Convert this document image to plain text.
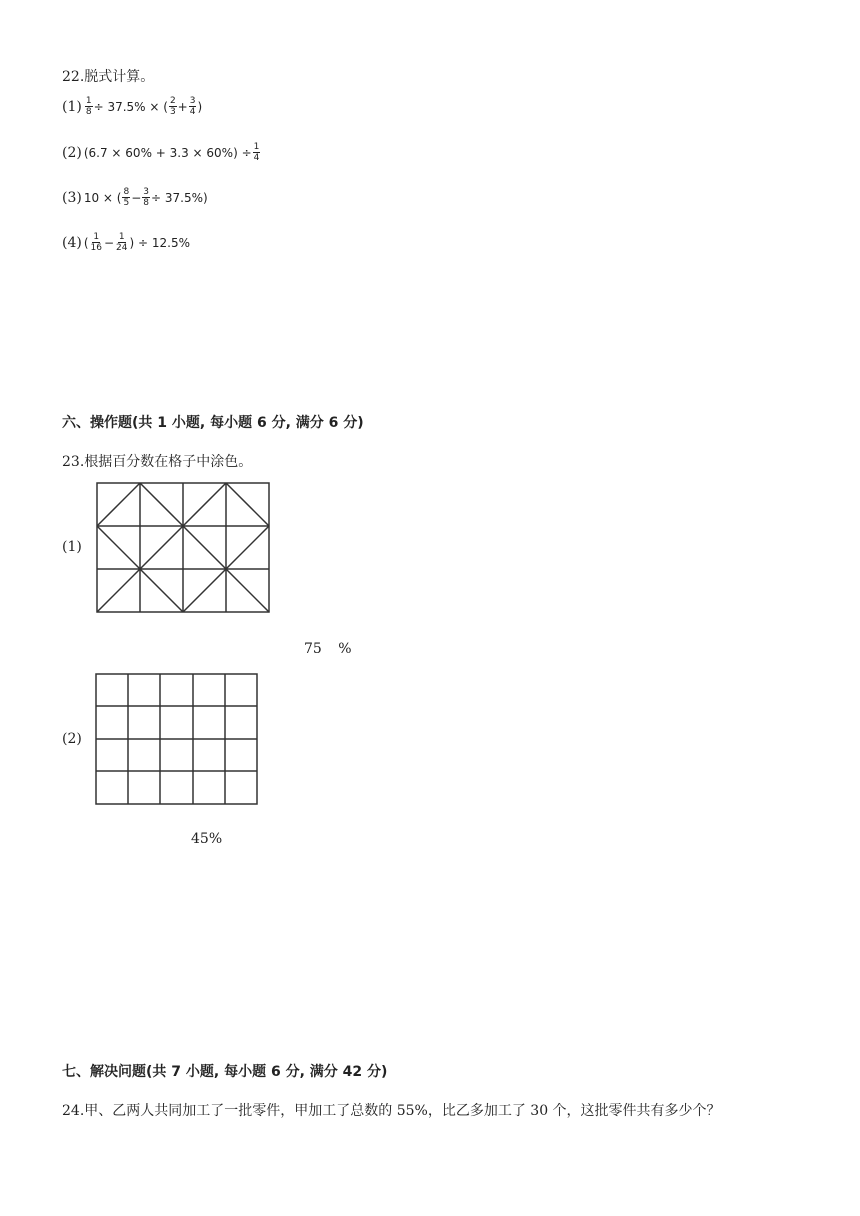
22.脱式计算。
$(1) \frac{1}{8} \div 37.5\%$ × ( $\frac{2}{3} + \frac{3}{4}$ )
(2) $(6.7 \times 60\% + 3.3 \times 60\%) \div \frac{1}{4}$
(3) 10 × ( $\frac{8}{5} - \frac{3}{8} \div 37.5\%$)
(4) ( $\frac{1}{16} - \frac{1}{24}$ ) ÷ 12.5%
六、操作题(共 1 小题, 每小题 6 分, 满分 6 分)
23.根据百分数在格子中涂色。
(1)
75 %
(2)
45%
七、解决问题(共 7 小题, 每小题 6 分, 满分 42 分)
24.甲、乙两人共同加工了一批零件，甲加工了总数的 55%，比乙多加工了 30 个，这批零件共有多少个？
